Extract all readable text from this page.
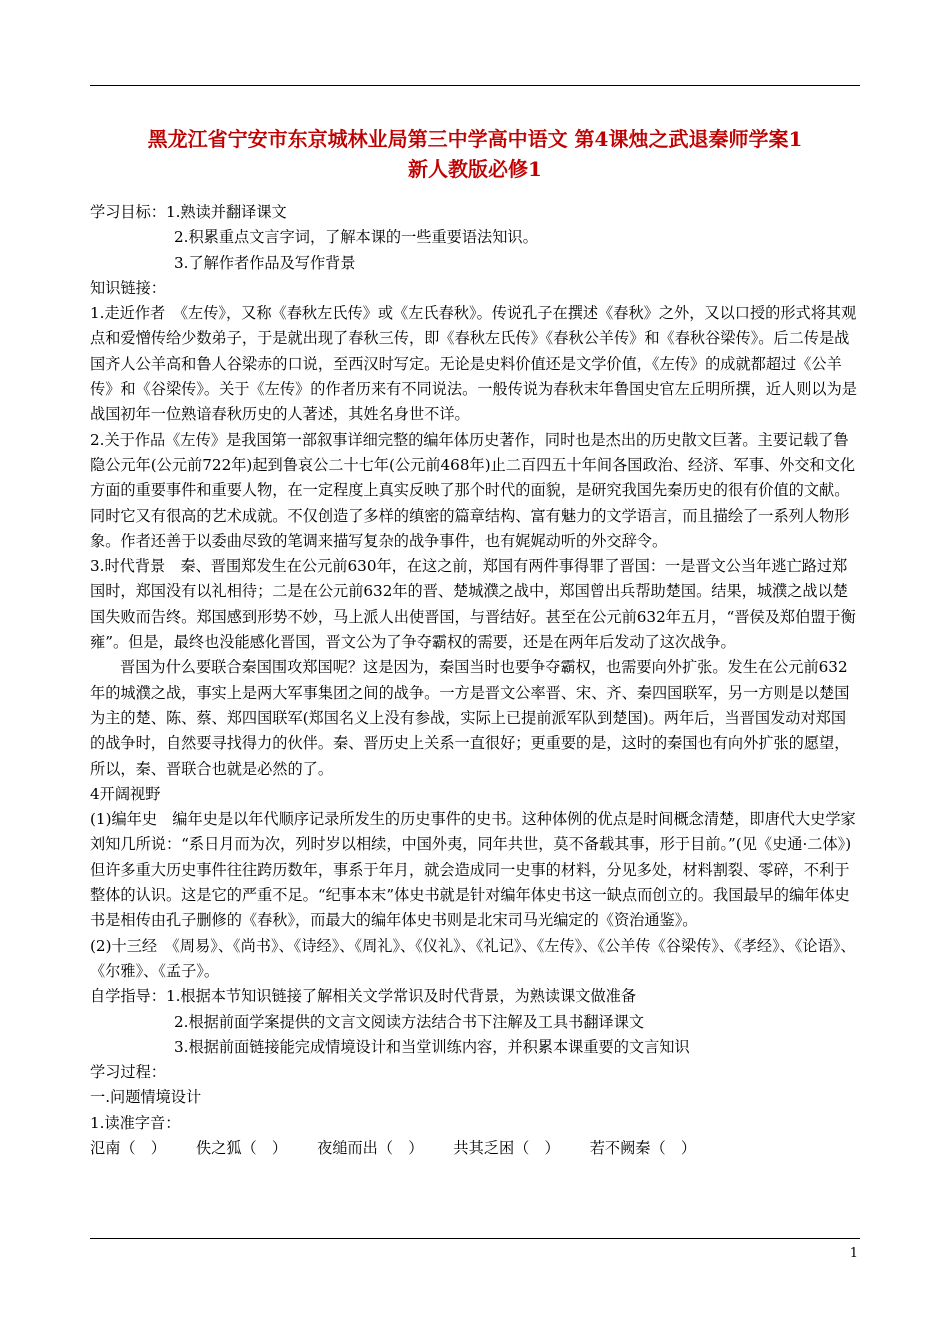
黑龙江省宁安市东京城林业局第三中学高中语文 第4课烛之武退秦师学案1
新人教版必修1

学习目标：1.熟读并翻译课文

2.积累重点文言字词，了解本课的一些重要语法知识。

3.了解作者作品及写作背景

知识链接：

1.走近作者　《左传》，又称《春秋左氏传》或《左氏春秋》。传说孔子在撰述《春秋》之外，又以口授的形式将其观点和爱憎传给少数弟子，于是就出现了春秋三传，即《春秋左氏传》《春秋公羊传》和《春秋谷梁传》。后二传是战国齐人公羊高和鲁人谷梁赤的口说，至西汉时写定。无论是史料价值还是文学价值，《左传》的成就都超过《公羊传》和《谷梁传》。关于《左传》的作者历来有不同说法。一般传说为春秋末年鲁国史官左丘明所撰，近人则以为是战国初年一位熟谙春秋历史的人著述，其姓名身世不详。

2.关于作品《左传》是我国第一部叙事详细完整的编年体历史著作，同时也是杰出的历史散文巨著。主要记载了鲁隐公元年(公元前722年)起到鲁哀公二十七年(公元前468年)止二百四五十年间各国政治、经济、军事、外交和文化方面的重要事件和重要人物，在一定程度上真实反映了那个时代的面貌，是研究我国先秦历史的很有价值的文献。同时它又有很高的艺术成就。不仅创造了多样的缜密的篇章结构、富有魅力的文学语言，而且描绘了一系列人物形象。作者还善于以委曲尽致的笔调来描写复杂的战争事件，也有娓娓动听的外交辞令。

3.时代背景　秦、晋围郑发生在公元前630年，在这之前，郑国有两件事得罪了晋国：一是晋文公当年逃亡路过郑国时，郑国没有以礼相待；二是在公元前632年的晋、楚城濮之战中，郑国曾出兵帮助楚国。结果，城濮之战以楚国失败而告终。郑国感到形势不妙，马上派人出使晋国，与晋结好。甚至在公元前632年五月，“晋侯及郑伯盟于衡雍”。但是，最终也没能感化晋国，晋文公为了争夺霸权的需要，还是在两年后发动了这次战争。

晋国为什么要联合秦国围攻郑国呢？这是因为，秦国当时也要争夺霸权，也需要向外扩张。发生在公元前632年的城濮之战，事实上是两大军事集团之间的战争。一方是晋文公率晋、宋、齐、秦四国联军，另一方则是以楚国为主的楚、陈、蔡、郑四国联军(郑国名义上没有参战，实际上已提前派军队到楚国)。两年后，当晋国发动对郑国的战争时，自然要寻找得力的伙伴。秦、晋历史上关系一直很好；更重要的是，这时的秦国也有向外扩张的愿望，所以，秦、晋联合也就是必然的了。

4开阔视野

(1)编年史　编年史是以年代顺序记录所发生的历史事件的史书。这种体例的优点是时间概念清楚，即唐代大史学家刘知几所说：“系日月而为次，列时岁以相续，中国外夷，同年共世，莫不备载其事，形于目前。”(见《史通·二体》)但许多重大历史事件往往跨历数年，事系于年月，就会造成同一史事的材料，分见多处，材料割裂、零碎，不利于整体的认识。这是它的严重不足。“纪事本末”体史书就是针对编年体史书这一缺点而创立的。我国最早的编年体史书是相传由孔子删修的《春秋》，而最大的编年体史书则是北宋司马光编定的《资治通鉴》。

(2)十三经　《周易》、《尚书》、《诗经》、《周礼》、《仪礼》、《礼记》、《左传》、《公羊传《谷梁传》、《孝经》、《论语》、《尔雅》、《孟子》。

自学指导：1.根据本节知识链接了解相关文学常识及时代背景，为熟读课文做准备

2.根据前面学案提供的文言文阅读方法结合书下注解及工具书翻译课文

3.根据前面链接能完成情境设计和当堂训练内容，并积累本课重要的文言知识

学习过程：

一.问题情境设计

1.读准字音：

氾南（　） 佚之狐（　） 夜缒而出（　） 共其乏困（　） 若不阙秦（　）
1
